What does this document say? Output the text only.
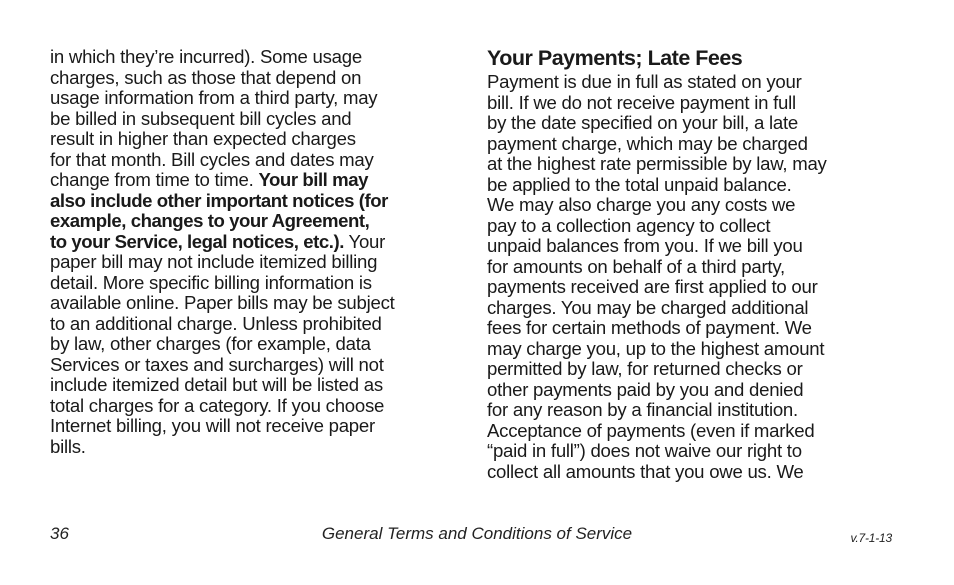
in which they’re incurred). Some usage
charges, such as those that depend on
usage information from a third party, may
be billed in subsequent bill cycles and
result in higher than expected charges
for that month. Bill cycles and dates may
change from time to time. Your bill may
also include other important notices (for
example, changes to your Agreement,
to your Service, legal notices, etc.). Your
paper bill may not include itemized billing
detail. More specific billing information is
available online. Paper bills may be subject
to an additional charge. Unless prohibited
by law, other charges (for example, data
Services or taxes and surcharges) will not
include itemized detail but will be listed as
total charges for a category. If you choose
Internet billing, you will not receive paper
bills.
Your Payments; Late Fees
Payment is due in full as stated on your
bill. If we do not receive payment in full
by the date specified on your bill, a late
payment charge, which may be charged
at the highest rate permissible by law, may
be applied to the total unpaid balance.
We may also charge you any costs we
pay to a collection agency to collect
unpaid balances from you. If we bill you
for amounts on behalf of a third party,
payments received are first applied to our
charges. You may be charged additional
fees for certain methods of payment. We
may charge you, up to the highest amount
permitted by law, for returned checks or
other payments paid by you and denied
for any reason by a financial institution.
Acceptance of payments (even if marked
“paid in full”) does not waive our right to
collect all amounts that you owe us. We
36	General Terms and Conditions of Service	v.7-1-13
